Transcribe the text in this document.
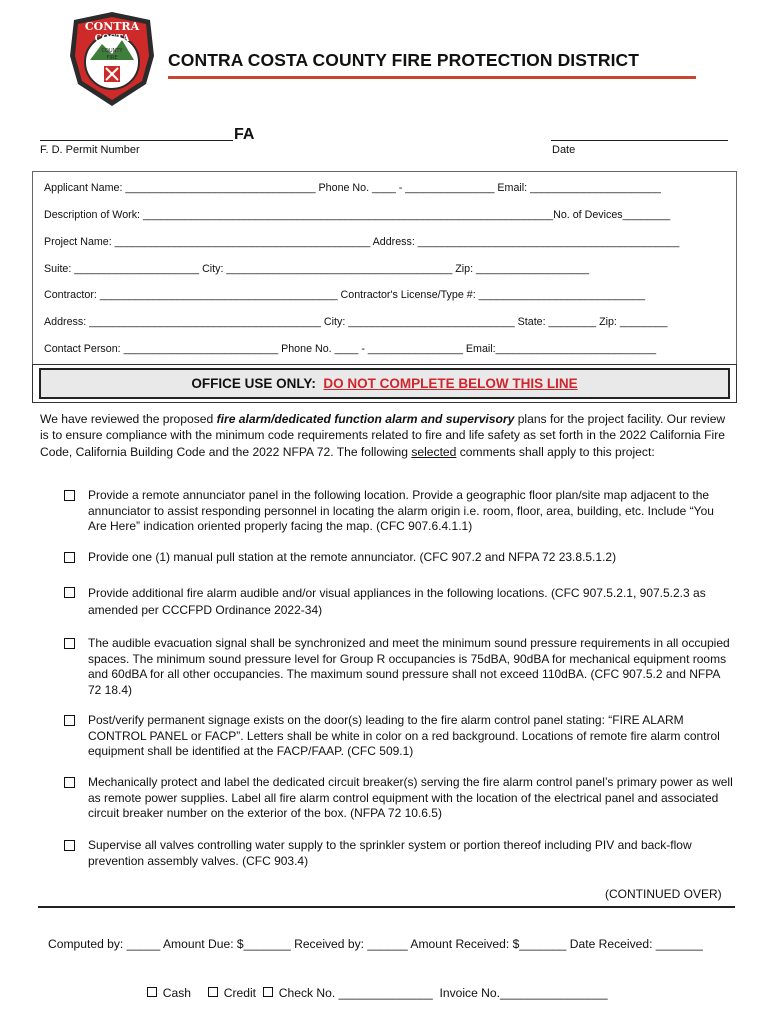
CONTRA
COSTA
COUNTY
FIRE	CONTRA COSTA COUNTY FIRE PROTECTION DISTRICT
FA
F. D. Permit Number	Date
Applicant Name: ________________________________ Phone No. ____ - _______________ Email: ______________________
Description of Work: _____________________________________________________________________No. of Devices________
Project Name: ___________________________________________ Address: ____________________________________________
Suite: _____________________ City: ______________________________________ Zip: ___________________
Contractor: ________________________________________ Contractor's License/Type #: ____________________________
Address: _______________________________________ City: ____________________________ State: ________ Zip: ________
Contact Person: __________________________ Phone No. ____ - ________________ Email:___________________________
OFFICE USE ONLY: DO NOT COMPLETE BELOW THIS LINE
We have reviewed the proposed fire alarm/dedicated function alarm and supervisory plans for the project facility. Our review is to ensure compliance with the minimum code requirements related to fire and life safety as set forth in the 2022 California Fire Code, California Building Code and the 2022 NFPA 72. The following selected comments shall apply to this project:
Provide a remote annunciator panel in the following location. Provide a geographic floor plan/site map adjacent to the annunciator to assist responding personnel in locating the alarm origin i.e. room, floor, area, building, etc. Include “You Are Here” indication oriented properly facing the map. (CFC 907.6.4.1.1)
Provide one (1) manual pull station at the remote annunciator. (CFC 907.2 and NFPA 72 23.8.5.1.2)
Provide additional fire alarm audible and/or visual appliances in the following locations. (CFC 907.5.2.1, 907.5.2.3 as amended per CCCFPD Ordinance 2022-34)
The audible evacuation signal shall be synchronized and meet the minimum sound pressure requirements in all occupied spaces. The minimum sound pressure level for Group R occupancies is 75dBA, 90dBA for mechanical equipment rooms and 60dBA for all other occupancies. The maximum sound pressure shall not exceed 110dBA. (CFC 907.5.2 and NFPA 72 18.4)
Post/verify permanent signage exists on the door(s) leading to the fire alarm control panel stating: “FIRE ALARM CONTROL PANEL or FACP”. Letters shall be white in color on a red background. Locations of remote fire alarm control equipment shall be identified at the FACP/FAAP. (CFC 509.1)
Mechanically protect and label the dedicated circuit breaker(s) serving the fire alarm control panel’s primary power as well as remote power supplies. Label all fire alarm control equipment with the location of the electrical panel and associated circuit breaker number on the exterior of the box. (NFPA 72 10.6.5)
Supervise all valves controlling water supply to the sprinkler system or portion thereof including PIV and back-flow prevention assembly valves. (CFC 903.4)
(CONTINUED OVER)
Computed by: _____ Amount Due: $_______ Received by: ______ Amount Received: $_______ Date Received: _______

Cash	Credit Check No. ______________ Invoice No.________________
